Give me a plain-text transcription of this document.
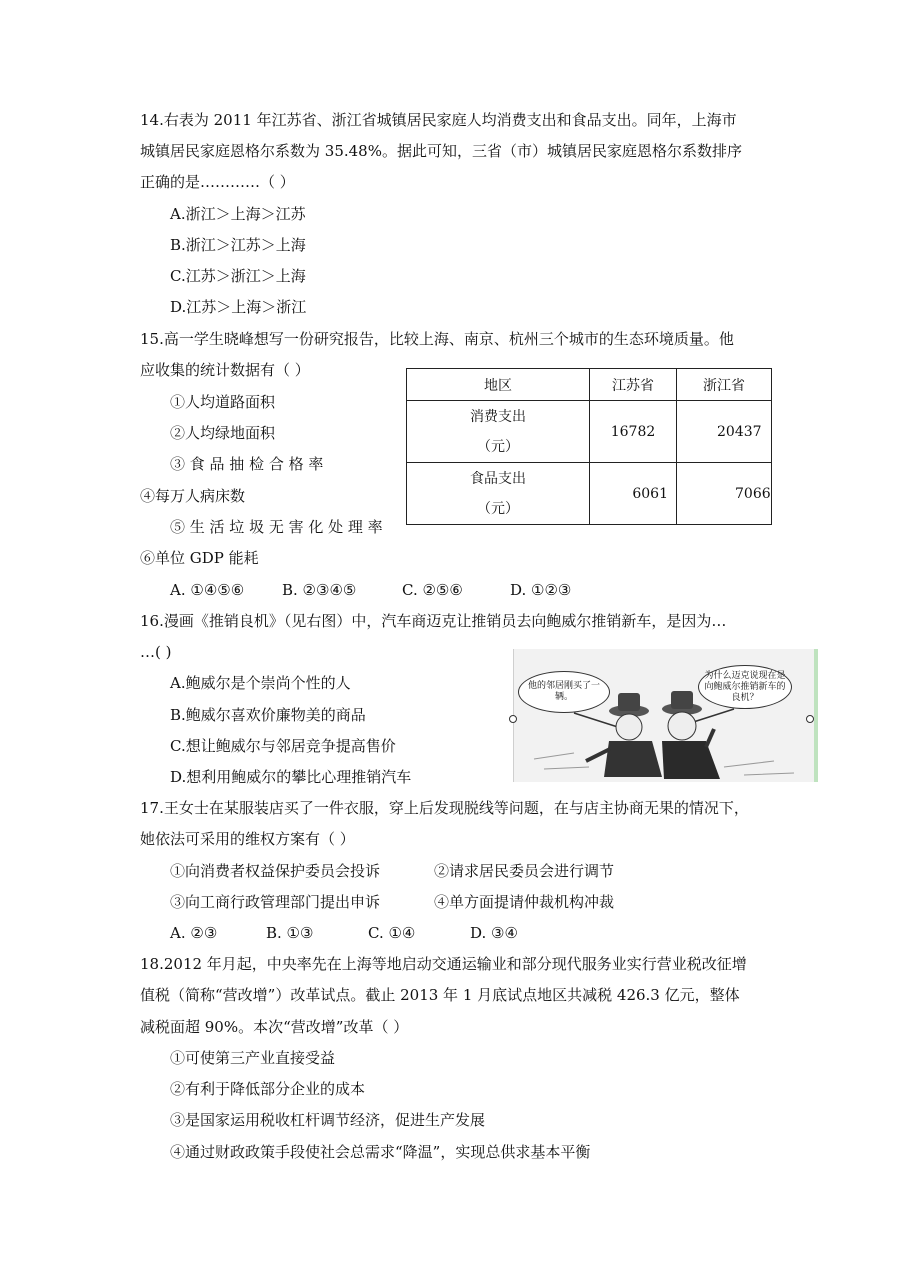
14.右表为 2011 年江苏省、浙江省城镇居民家庭人均消费支出和食品支出。同年，上海市
城镇居民家庭恩格尔系数为 35.48%。据此可知，三省（市）城镇居民家庭恩格尔系数排序
正确的是…………（ ）
A.浙江＞上海＞江苏
B.浙江＞江苏＞上海
C.江苏＞浙江＞上海
D.江苏＞上海＞浙江
15.高一学生晓峰想写一份研究报告，比较上海、南京、杭州三个城市的生态环境质量。他
应收集的统计数据有（ ）
①人均道路面积
②人均绿地面积
③ 食 品 抽 检 合 格 率
④每万人病床数
⑤ 生 活 垃 圾 无 害 化 处 理 率
⑥单位 GDP 能耗
A. ①④⑤⑥	B. ②③④⑤	C. ②⑤⑥	D. ①②③
地区	江苏省	浙江省
消费支出
（元）	16782	20437
食品支出
（元）	6061	7066
16.漫画《推销良机》（见右图）中，汽车商迈克让推销员去向鲍威尔推销新车，是因为…
…( )
A.鲍威尔是个崇尚个性的人
B.鲍威尔喜欢价廉物美的商品
C.想让鲍威尔与邻居竞争提高售价
D.想利用鲍威尔的攀比心理推销汽车
他的邻居刚买了一辆。
为什么迈克说现在是向鲍威尔推销新车的良机？
17.王女士在某服装店买了一件衣服，穿上后发现脱线等问题，在与店主协商无果的情况下，
她依法可采用的维权方案有（ ）
①向消费者权益保护委员会投诉	②请求居民委员会进行调节
③向工商行政管理部门提出申诉	④单方面提请仲裁机构冲裁
A. ②③	B. ①③	C. ①④	D. ③④
18.2012 年月起，中央率先在上海等地启动交通运输业和部分现代服务业实行营业税改征增
值税（简称“营改增”）改革试点。截止 2013 年 1 月底试点地区共减税 426.3 亿元，整体
减税面超 90%。本次“营改增”改革（ ）
①可使第三产业直接受益
②有利于降低部分企业的成本
③是国家运用税收杠杆调节经济，促进生产发展
④通过财政政策手段使社会总需求“降温”，实现总供求基本平衡
